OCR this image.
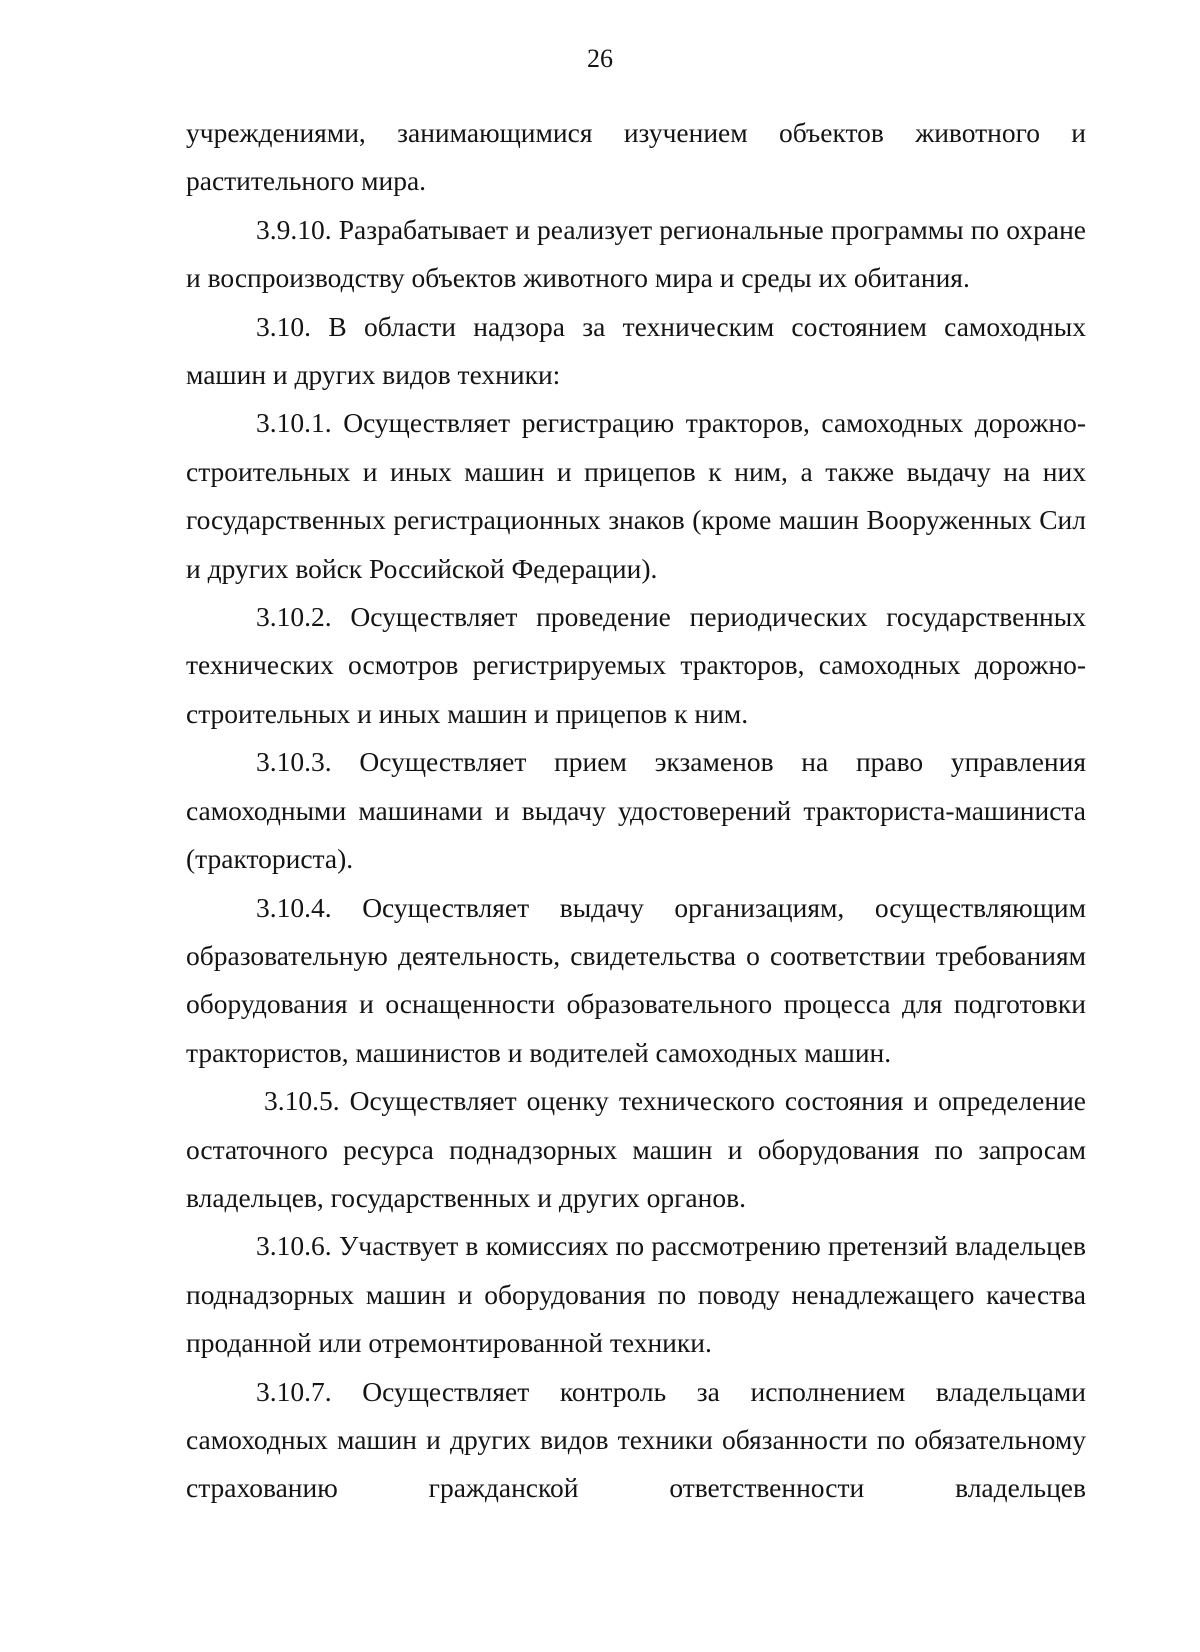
26

учреждениями, занимающимися изучением объектов животного и растительного мира.

3.9.10. Разрабатывает и реализует региональные программы по охране и воспроизводству объектов животного мира и среды их обитания.

3.10. В области надзора за техническим состоянием самоходных машин и других видов техники:

3.10.1. Осуществляет регистрацию тракторов, самоходных дорожно-строительных и иных машин и прицепов к ним, а также выдачу на них государственных регистрационных знаков (кроме машин Вооруженных Сил и других войск Российской Федерации).

3.10.2. Осуществляет проведение периодических государственных технических осмотров регистрируемых тракторов, самоходных дорожно-строительных и иных машин и прицепов к ним.

3.10.3. Осуществляет прием экзаменов на право управления самоходными машинами и выдачу удостоверений тракториста-машиниста (тракториста).

3.10.4. Осуществляет выдачу организациям, осуществляющим образовательную деятельность, свидетельства о соответствии требованиям оборудования и оснащенности образовательного процесса для подготовки трактористов, машинистов и водителей самоходных машин.

3.10.5. Осуществляет оценку технического состояния и определение остаточного ресурса поднадзорных машин и оборудования по запросам владельцев, государственных и других органов.

3.10.6. Участвует в комиссиях по рассмотрению претензий владельцев поднадзорных машин и оборудования по поводу ненадлежащего качества проданной или отремонтированной техники.

3.10.7. Осуществляет контроль за исполнением владельцами самоходных машин и других видов техники обязанности по обязательному страхованию гражданской ответственности владельцев
